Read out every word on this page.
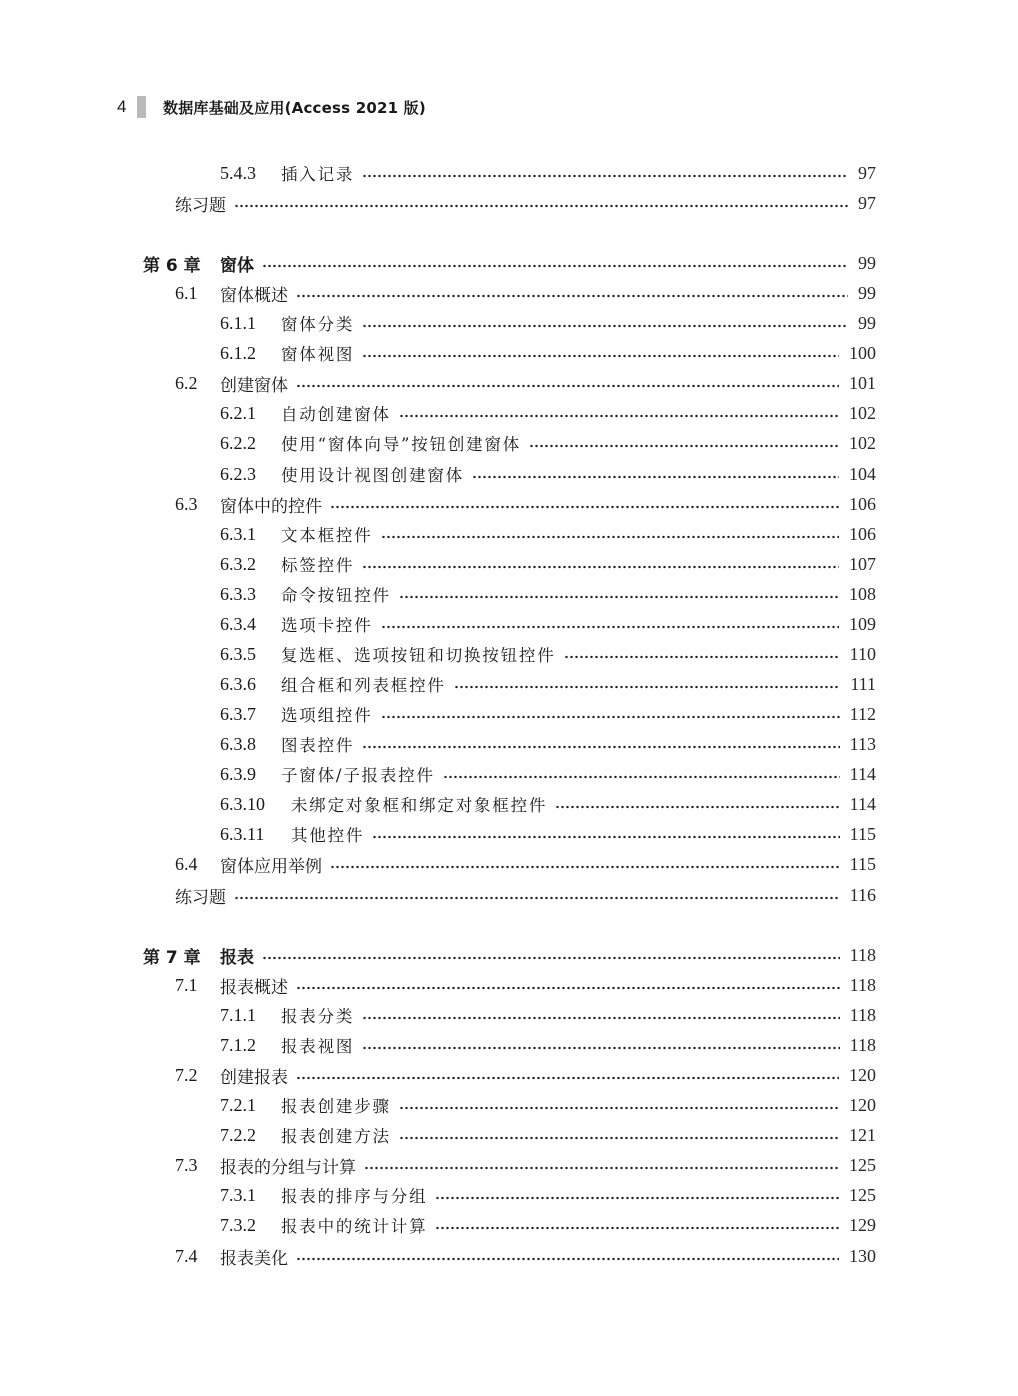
4	数据库基础及应用(Access 2021 版)
5.4.3	插入记录	97
练习题	97
第 6 章	窗体	99
6.1	窗体概述	99
6.1.1	窗体分类	99
6.1.2	窗体视图	100
6.2	创建窗体	101
6.2.1	自动创建窗体	102
6.2.2	使用“窗体向导”按钮创建窗体	102
6.2.3	使用设计视图创建窗体	104
6.3	窗体中的控件	106
6.3.1	文本框控件	106
6.3.2	标签控件	107
6.3.3	命令按钮控件	108
6.3.4	选项卡控件	109
6.3.5	复选框、选项按钮和切换按钮控件	110
6.3.6	组合框和列表框控件	111
6.3.7	选项组控件	112
6.3.8	图表控件	113
6.3.9	子窗体/子报表控件	114
6.3.10	未绑定对象框和绑定对象框控件	114
6.3.11	其他控件	115
6.4	窗体应用举例	115
练习题	116
第 7 章	报表	118
7.1	报表概述	118
7.1.1	报表分类	118
7.1.2	报表视图	118
7.2	创建报表	120
7.2.1	报表创建步骤	120
7.2.2	报表创建方法	121
7.3	报表的分组与计算	125
7.3.1	报表的排序与分组	125
7.3.2	报表中的统计计算	129
7.4	报表美化	130
